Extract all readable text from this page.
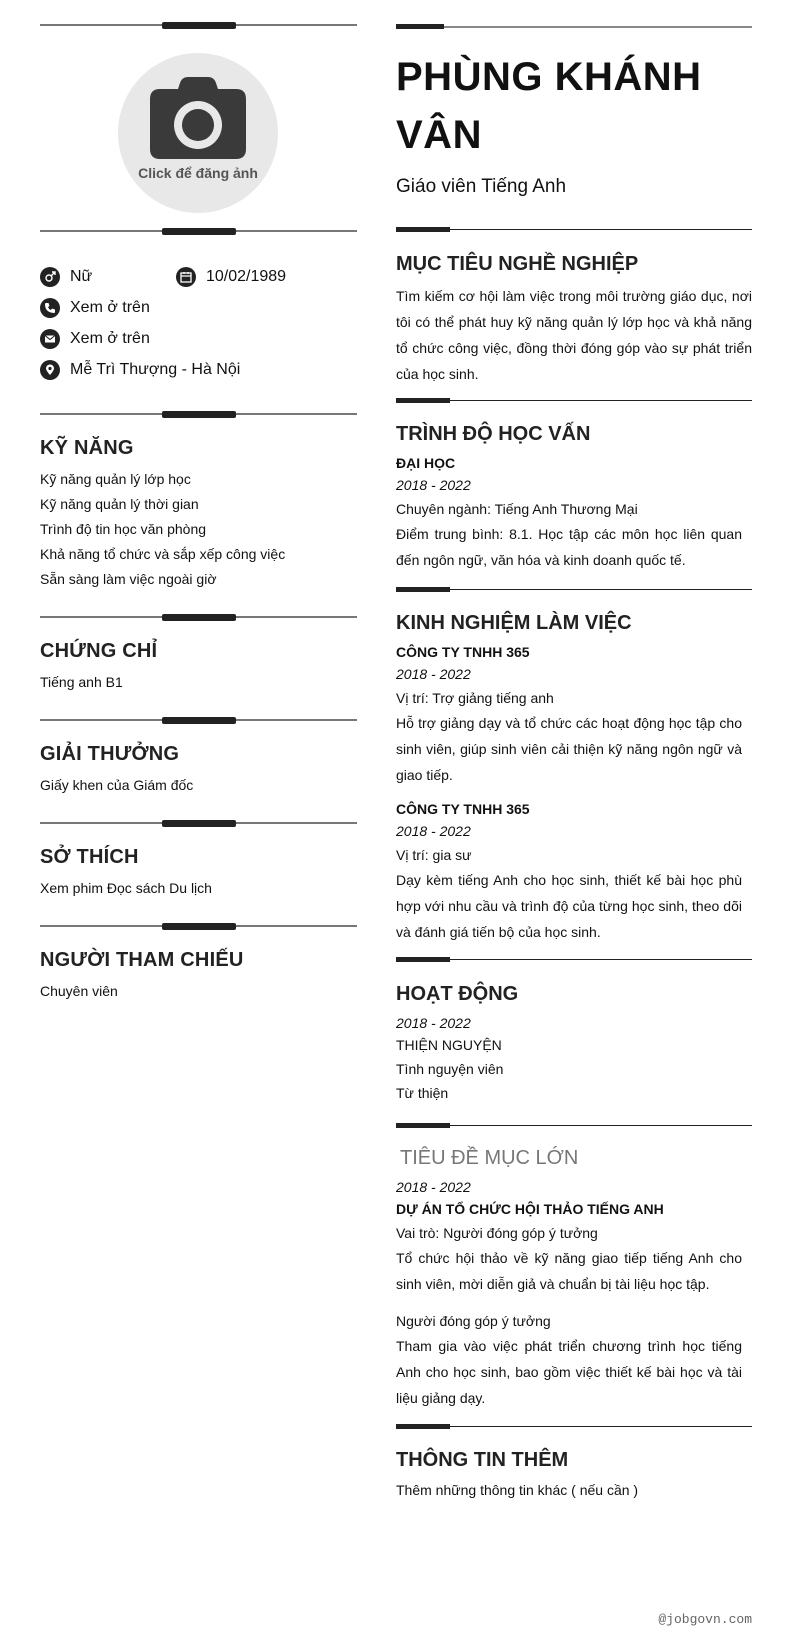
Click để đăng ảnh
Nữ	10/02/1989
Xem ở trên
Xem ở trên
Mễ Trì Thượng - Hà Nội
KỸ NĂNG
Kỹ năng quản lý lớp học
Kỹ năng quản lý thời gian
Trình độ tin học văn phòng
Khả năng tổ chức và sắp xếp công việc
Sẵn sàng làm việc ngoài giờ
CHỨNG CHỈ
Tiếng anh B1
GIẢI THƯỞNG
Giấy khen của Giám đốc
SỞ THÍCH
Xem phim Đọc sách Du lịch
NGƯỜI THAM CHIẾU
Chuyên viên
PHÙNG KHÁNH VÂN
Giáo viên Tiếng Anh
MỤC TIÊU NGHỀ NGHIỆP
Tìm kiếm cơ hội làm việc trong môi trường giáo dục, nơi tôi có thể phát huy kỹ năng quản lý lớp học và khả năng tổ chức công việc, đồng thời đóng góp vào sự phát triển của học sinh.
TRÌNH ĐỘ HỌC VẤN
ĐẠI HỌC
2018 - 2022
Chuyên ngành: Tiếng Anh Thương Mại
Điểm trung bình: 8.1. Học tập các môn học liên quan đến ngôn ngữ, văn hóa và kinh doanh quốc tế.
KINH NGHIỆM LÀM VIỆC
CÔNG TY TNHH 365
2018 - 2022
Vị trí: Trợ giảng tiếng anh
Hỗ trợ giảng dạy và tổ chức các hoạt động học tập cho sinh viên, giúp sinh viên cải thiện kỹ năng ngôn ngữ và giao tiếp.
CÔNG TY TNHH 365
2018 - 2022
Vị trí: gia sư
Dạy kèm tiếng Anh cho học sinh, thiết kế bài học phù hợp với nhu cầu và trình độ của từng học sinh, theo dõi và đánh giá tiến bộ của học sinh.
HOẠT ĐỘNG
2018 - 2022
THIỆN NGUYỆN
Tình nguyện viên
Từ thiện
TIÊU ĐỀ MỤC LỚN
2018 - 2022
DỰ ÁN TỔ CHỨC HỘI THẢO TIẾNG ANH
Vai trò: Người đóng góp ý tưởng
Tổ chức hội thảo về kỹ năng giao tiếp tiếng Anh cho sinh viên, mời diễn giả và chuẩn bị tài liệu học tập.
Người đóng góp ý tưởng
Tham gia vào việc phát triển chương trình học tiếng Anh cho học sinh, bao gồm việc thiết kế bài học và tài liệu giảng dạy.
THÔNG TIN THÊM
Thêm những thông tin khác ( nếu cần )
@jobgovn.com
